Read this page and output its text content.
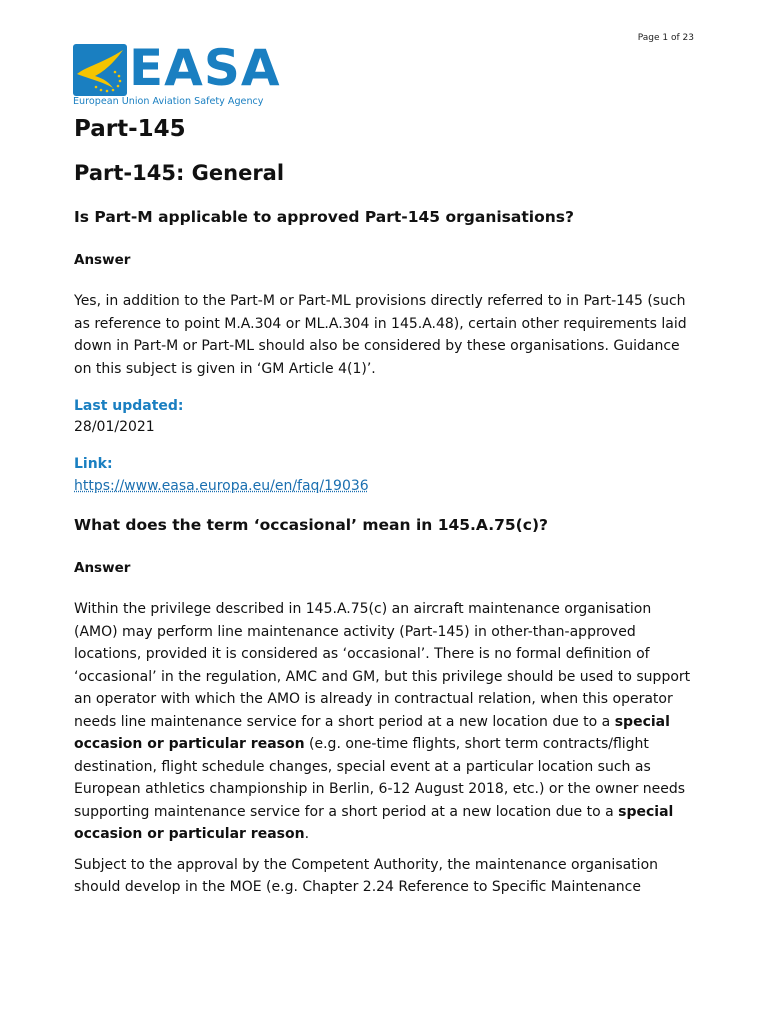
Page 1 of 23
EASA
European Union Aviation Safety Agency
Part-145
Part-145: General
Is Part-M applicable to approved Part-145 organisations?
Answer

Yes, in addition to the Part-M or Part-ML provisions directly referred to in Part-145 (such as reference to point M.A.304 or ML.A.304 in 145.A.48), certain other requirements laid down in Part-M or Part-ML should also be considered by these organisations. Guidance on this subject is given in ‘GM Article 4(1)’.

Last updated:
28/01/2021
Link:
https://www.easa.europa.eu/en/faq/19036
What does the term ‘occasional’ mean in 145.A.75(c)?
Answer

Within the privilege described in 145.A.75(c) an aircraft maintenance organisation (AMO) may perform line maintenance activity (Part-145) in other-than-approved locations, provided it is considered as ‘occasional’. There is no formal definition of ‘occasional’ in the regulation, AMC and GM, but this privilege should be used to support an operator with which the AMO is already in contractual relation, when this operator needs line maintenance service for a short period at a new location due to a special occasion or particular reason (e.g. one-time flights, short term contracts/flight destination, flight schedule changes, special event at a particular location such as European athletics championship in Berlin, 6-12 August 2018, etc.) or the owner needs supporting maintenance service for a short period at a new location due to a special occasion or particular reason.

Subject to the approval by the Competent Authority, the maintenance organisation should develop in the MOE (e.g. Chapter 2.24 Reference to Specific Maintenance
